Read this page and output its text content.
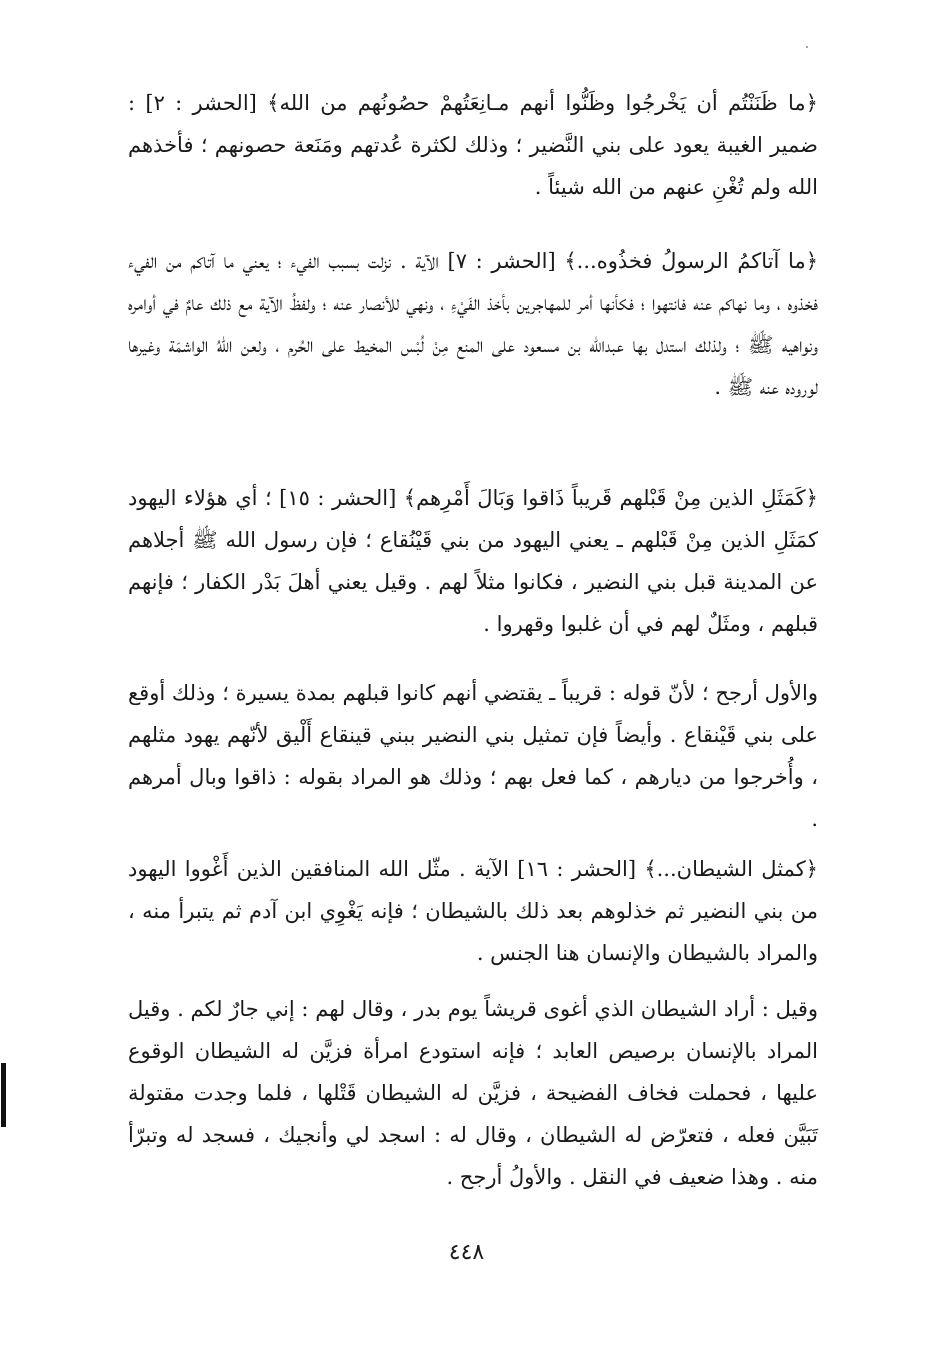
﴿ما ظَنَنْتُم أن يَخْرجُوا وظَنُّوا أنهم مـانِعَتُهمْ حصُونُهم من الله﴾ [الحشر : ٢] : ضمير الغيبة يعود على بني النَّضير ؛ وذلك لكثرة عُدتهم ومَنَعة حصونهم ؛ فأخذهم الله ولم تُغْنِ عنهم من الله شيئاً .

﴿ما آتاكمُ الرسولُ فخذُوه...﴾ [الحشر : ٧] الآية . نزلت بسبب الفيء ؛ يعني ما آتاكم من الفيء فخذوه ، وما نهاكم عنه فانتهوا ؛ فكأنها أمر للمهاجرين بأخذ الفَيْءِ ، ونهي للأنصار عنه ؛ ولفظُ الآية مع ذلك عامٌ في أوامره ونواهيه ﷺ ؛ ولذلك استدل بها عبدالله بن مسعود على المنع مِنْ لُبْس المخيط على الحُرم ، ولعن اللهُ الواشمَة وغيرها لوروده عنه ﷺ .

﴿كَمَثَلِ الذين مِنْ قَبْلهم قَريباً ذَاقوا وَبَالَ أَمْرِهم﴾ [الحشر : ١٥] ؛ أي هؤلاء اليهود كمَثَلِ الذين مِنْ قَبْلهم ـ يعني اليهود من بني قَيْنُقاع ؛ فإن رسول الله ﷺ أجلاهم عن المدينة قبل بني النضير ، فكانوا مثلاً لهم . وقيل يعني أهلَ بَدْر الكفار ؛ فإنهم قبلهم ، ومثَلٌ لهم في أن غلبوا وقهروا .

والأول أرجح ؛ لأنّ قوله : قريباً ـ يقتضي أنهم كانوا قبلهم بمدة يسيرة ؛ وذلك أوقع على بني قَيْنقاع . وأيضاً فإن تمثيل بني النضير ببني قينقاع أَلْيق لأنّهم يهود مثلهم ، وأُخرجوا من ديارهم ، كما فعل بهم ؛ وذلك هو المراد بقوله : ذاقوا وبال أمرهم .

﴿كمثل الشيطان...﴾ [الحشر : ١٦] الآية . مثّل الله المنافقين الذين أَغْووا اليهود من بني النضير ثم خذلوهم بعد ذلك بالشيطان ؛ فإنه يَغْوِي ابن آدم ثم يتبرأ منه ، والمراد بالشيطان والإنسان هنا الجنس .

وقيل : أراد الشيطان الذي أغوى قريشاً يوم بدر ، وقال لهم : إني جارٌ لكم . وقيل المراد بالإنسان برصيص العابد ؛ فإنه استودع امرأة فزيَّن له الشيطان الوقوع عليها ، فحملت فخاف الفضيحة ، فزيَّن له الشيطان قَتْلها ، فلما وجدت مقتولة تَبَيَّن فعله ، فتعرّض له الشيطان ، وقال له : اسجد لي وأنجيك ، فسجد له وتبرّأ منه . وهذا ضعيف في النقل . والأولُ أرجح .

٤٤٨
